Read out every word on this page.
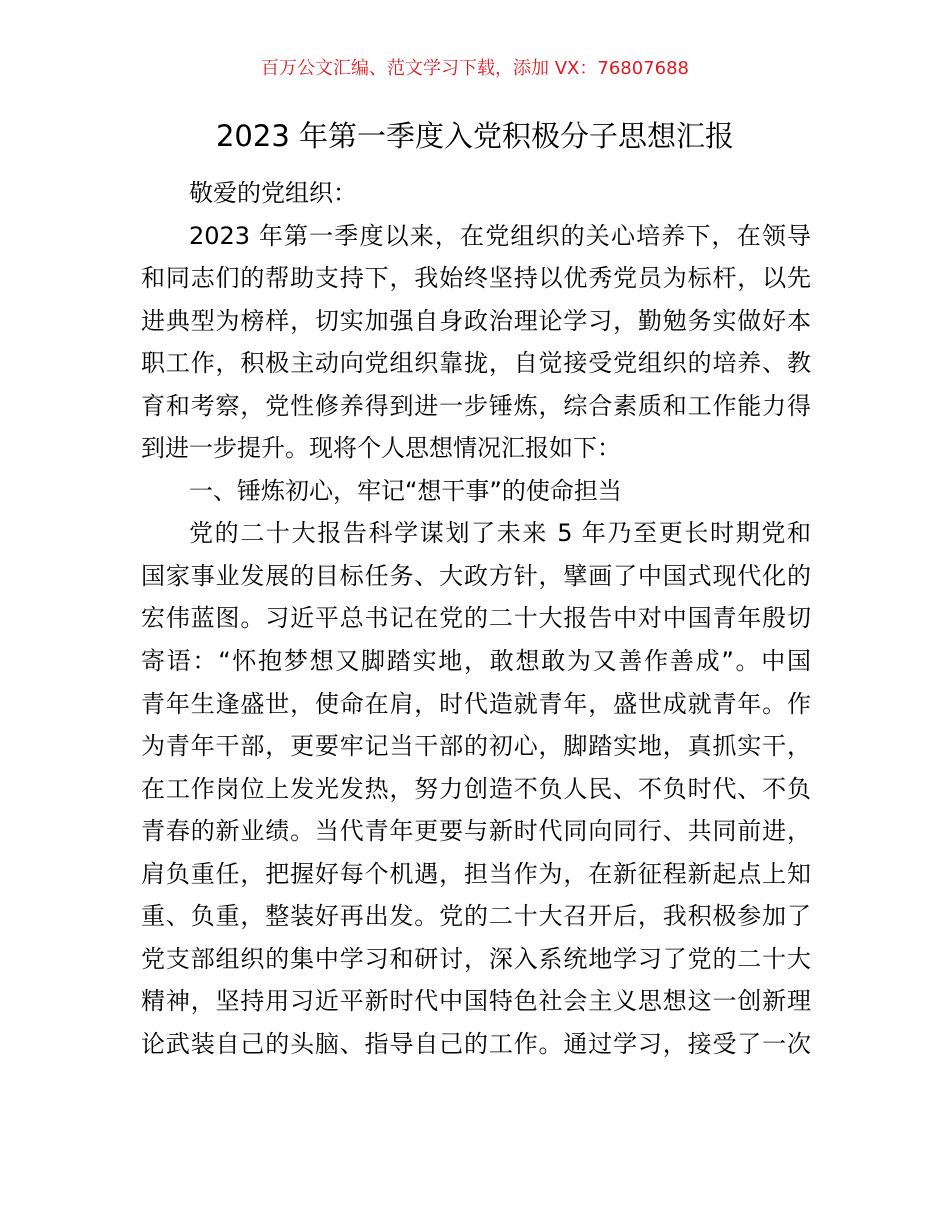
百万公文汇编、范文学习下载，添加 VX：76807688
2023 年第一季度入党积极分子思想汇报
敬爱的党组织：
2023 年第一季度以来，在党组织的关心培养下，在领导
和同志们的帮助支持下，我始终坚持以优秀党员为标杆，以先
进典型为榜样，切实加强自身政治理论学习，勤勉务实做好本
职工作，积极主动向党组织靠拢，自觉接受党组织的培养、教
育和考察，党性修养得到进一步锤炼，综合素质和工作能力得
到进一步提升。现将个人思想情况汇报如下：
一、锤炼初心，牢记“想干事”的使命担当
党的二十大报告科学谋划了未来 5 年乃至更长时期党和
国家事业发展的目标任务、大政方针，擘画了中国式现代化的
宏伟蓝图。习近平总书记在党的二十大报告中对中国青年殷切
寄语：“怀抱梦想又脚踏实地，敢想敢为又善作善成”。中国
青年生逢盛世，使命在肩，时代造就青年，盛世成就青年。作
为青年干部，更要牢记当干部的初心，脚踏实地，真抓实干，
在工作岗位上发光发热，努力创造不负人民、不负时代、不负
青春的新业绩。当代青年更要与新时代同向同行、共同前进，
肩负重任，把握好每个机遇，担当作为，在新征程新起点上知
重、负重，整装好再出发。党的二十大召开后，我积极参加了
党支部组织的集中学习和研讨，深入系统地学习了党的二十大
精神，坚持用习近平新时代中国特色社会主义思想这一创新理
论武装自己的头脑、指导自己的工作。通过学习，接受了一次
